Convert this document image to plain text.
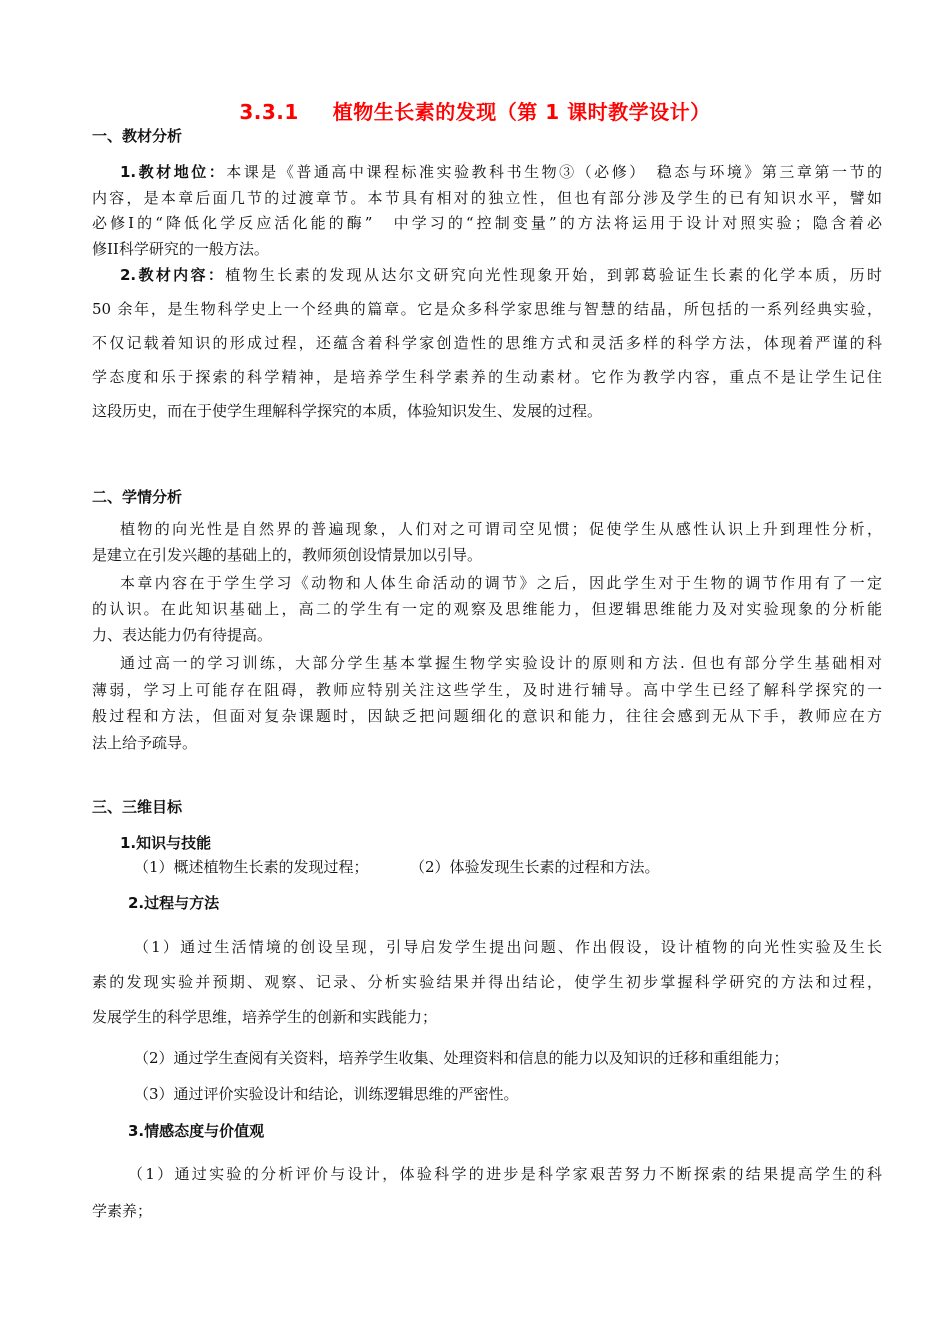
3.3.1 植物生长素的发现（第 1 课时教学设计）
一、教材分析
1.教材地位：本课是《普通高中课程标准实验教科书生物③（必修）　稳态与环境》第三章第一节的
内容，是本章后面几节的过渡章节。本节具有相对的独立性，但也有部分涉及学生的已有知识水平，譬如
必修Ⅰ的“降低化学反应活化能的酶”　中学习的“控制变量”的方法将运用于设计对照实验；隐含着必
修II科学研究的一般方法。
2.教材内容：植物生长素的发现从达尔文研究向光性现象开始，到郭葛验证生长素的化学本质，历时
50 余年，是生物科学史上一个经典的篇章。它是众多科学家思维与智慧的结晶，所包括的一系列经典实验，
不仅记载着知识的形成过程，还蕴含着科学家创造性的思维方式和灵活多样的科学方法，体现着严谨的科
学态度和乐于探索的科学精神，是培养学生科学素养的生动素材。它作为教学内容，重点不是让学生记住
这段历史，而在于使学生理解科学探究的本质，体验知识发生、发展的过程。
二、学情分析
植物的向光性是自然界的普遍现象，人们对之可谓司空见惯；促使学生从感性认识上升到理性分析，
是建立在引发兴趣的基础上的，教师须创设情景加以引导。
本章内容在于学生学习《动物和人体生命活动的调节》之后，因此学生对于生物的调节作用有了一定
的认识。在此知识基础上，高二的学生有一定的观察及思维能力，但逻辑思维能力及对实验现象的分析能
力、表达能力仍有待提高。
通过高一的学习训练，大部分学生基本掌握生物学实验设计的原则和方法. 但也有部分学生基础相对
薄弱，学习上可能存在阻碍，教师应特别关注这些学生，及时进行辅导。高中学生已经了解科学探究的一
般过程和方法，但面对复杂课题时，因缺乏把问题细化的意识和能力，往往会感到无从下手，教师应在方
法上给予疏导。
三、三维目标
1.知识与技能
（1）概述植物生长素的发现过程；	（2）体验发现生长素的过程和方法。
2.过程与方法
（1）通过生活情境的创设呈现，引导启发学生提出问题、作出假设，设计植物的向光性实验及生长
素的发现实验并预期、观察、记录、分析实验结果并得出结论，使学生初步掌握科学研究的方法和过程，
发展学生的科学思维，培养学生的创新和实践能力；
（2）通过学生查阅有关资料，培养学生收集、处理资料和信息的能力以及知识的迁移和重组能力；
（3）通过评价实验设计和结论，训练逻辑思维的严密性。
3.情感态度与价值观
（1）通过实验的分析评价与设计，体验科学的进步是科学家艰苦努力不断探索的结果提高学生的科
学素养；
